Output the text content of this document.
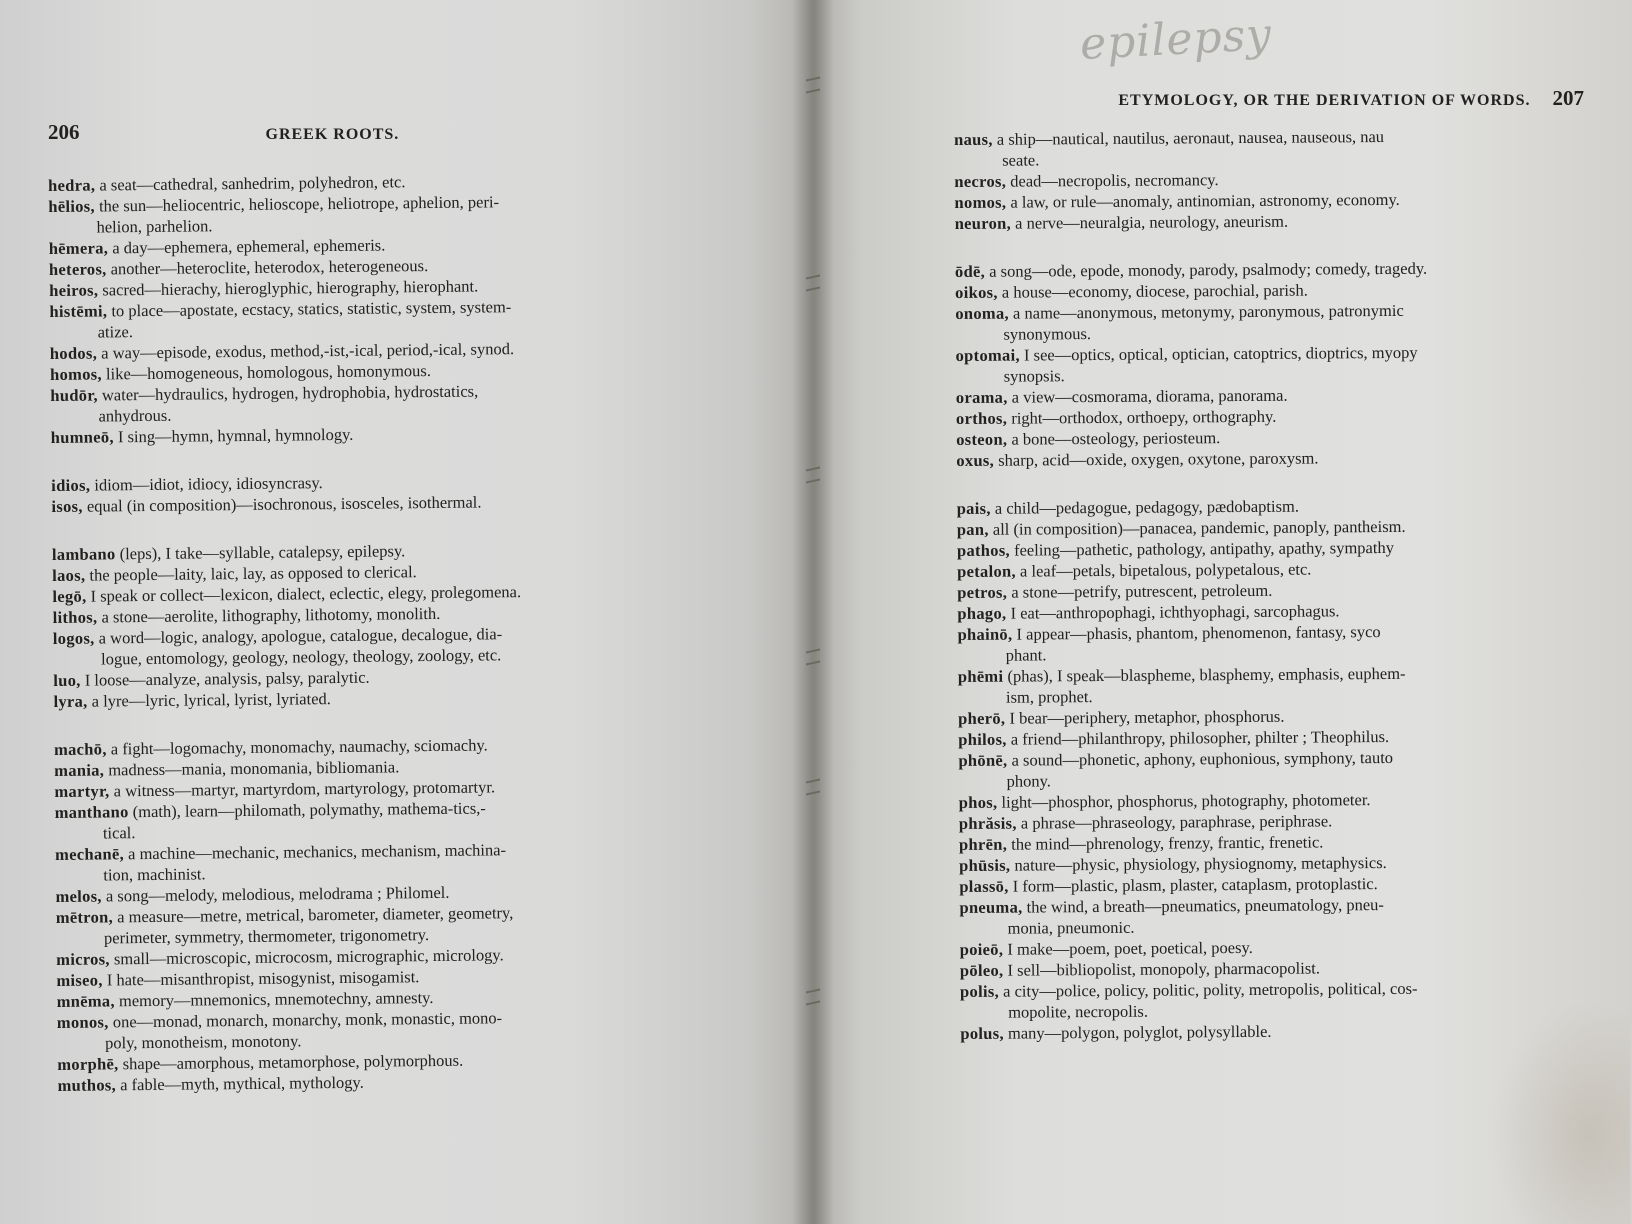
206	GREEK ROOTS.
hedra, a seat—cathedral, sanhedrim, polyhedron, etc.
hēlios, the sun—heliocentric, helioscope, heliotrope, aphelion, peri-
helion, parhelion.
hēmera, a day—ephemera, ephemeral, ephemeris.
heteros, another—heteroclite, heterodox, heterogeneous.
heiros, sacred—hierachy, hieroglyphic, hierography, hierophant.
histēmi, to place—apostate, ecstacy, statics, statistic, system, system-
atize.
hodos, a way—episode, exodus, method,-ist,-ical, period,-ical, synod.
homos, like—homogeneous, homologous, homonymous.
hudōr, water—hydraulics, hydrogen, hydrophobia, hydrostatics,
anhydrous.
humneō, I sing—hymn, hymnal, hymnology.
idios, idiom—idiot, idiocy, idiosyncrasy.
isos, equal (in composition)—isochronous, isosceles, isothermal.
lambano (leps), I take—syllable, catalepsy, epilepsy.
laos, the people—laity, laic, lay, as opposed to clerical.
legō, I speak or collect—lexicon, dialect, eclectic, elegy, prolegomena.
lithos, a stone—aerolite, lithography, lithotomy, monolith.
logos, a word—logic, analogy, apologue, catalogue, decalogue, dia-
logue, entomology, geology, neology, theology, zoology, etc.
luo, I loose—analyze, analysis, palsy, paralytic.
lyra, a lyre—lyric, lyrical, lyrist, lyriated.
machō, a fight—logomachy, monomachy, naumachy, sciomachy.
mania, madness—mania, monomania, bibliomania.
martyr, a witness—martyr, martyrdom, martyrology, protomartyr.
manthano (math), learn—philomath, polymathy, mathema-tics,-
tical.
mechanē, a machine—mechanic, mechanics, mechanism, machina-
tion, machinist.
melos, a song—melody, melodious, melodrama ; Philomel.
mētron, a measure—metre, metrical, barometer, diameter, geometry,
perimeter, symmetry, thermometer, trigonometry.
micros, small—microscopic, microcosm, micrographic, micrology.
miseo, I hate—misanthropist, misogynist, misogamist.
mnēma, memory—mnemonics, mnemotechny, amnesty.
monos, one—monad, monarch, monarchy, monk, monastic, mono-
poly, monotheism, monotony.
morphē, shape—amorphous, metamorphose, polymorphous.
muthos, a fable—myth, mythical, mythology.
ETYMOLOGY, OR THE DERIVATION OF WORDS. 207
naus, a ship—nautical, nautilus, aeronaut, nausea, nauseous, nau
seate.
necros, dead—necropolis, necromancy.
nomos, a law, or rule—anomaly, antinomian, astronomy, economy.
neuron, a nerve—neuralgia, neurology, aneurism.
ōdē, a song—ode, epode, monody, parody, psalmody; comedy, tragedy.
oikos, a house—economy, diocese, parochial, parish.
onoma, a name—anonymous, metonymy, paronymous, patronymic
synonymous.
optomai, I see—optics, optical, optician, catoptrics, dioptrics, myopy
synopsis.
orama, a view—cosmorama, diorama, panorama.
orthos, right—orthodox, orthoepy, orthography.
osteon, a bone—osteology, periosteum.
oxus, sharp, acid—oxide, oxygen, oxytone, paroxysm.
pais, a child—pedagogue, pedagogy, pædobaptism.
pan, all (in composition)—panacea, pandemic, panoply, pantheism.
pathos, feeling—pathetic, pathology, antipathy, apathy, sympathy
petalon, a leaf—petals, bipetalous, polypetalous, etc.
petros, a stone—petrify, putrescent, petroleum.
phago, I eat—anthropophagi, ichthyophagi, sarcophagus.
phainō, I appear—phasis, phantom, phenomenon, fantasy, syco
phant.
phēmi (phas), I speak—blaspheme, blasphemy, emphasis, euphem-
ism, prophet.
pherō, I bear—periphery, metaphor, phosphorus.
philos, a friend—philanthropy, philosopher, philter ; Theophilus.
phōnē, a sound—phonetic, aphony, euphonious, symphony, tauto
phony.
phos, light—phosphor, phosphorus, photography, photometer.
phrăsis, a phrase—phraseology, paraphrase, periphrase.
phrēn, the mind—phrenology, frenzy, frantic, frenetic.
phūsis, nature—physic, physiology, physiognomy, metaphysics.
plassō, I form—plastic, plasm, plaster, cataplasm, protoplastic.
pneuma, the wind, a breath—pneumatics, pneumatology, pneu-
monia, pneumonic.
poieō, I make—poem, poet, poetical, poesy.
pōleo, I sell—bibliopolist, monopoly, pharmacopolist.
polis, a city—police, policy, politic, polity, metropolis, political, cos-
mopolite, necropolis.
polus, many—polygon, polyglot, polysyllable.
epilepsy
